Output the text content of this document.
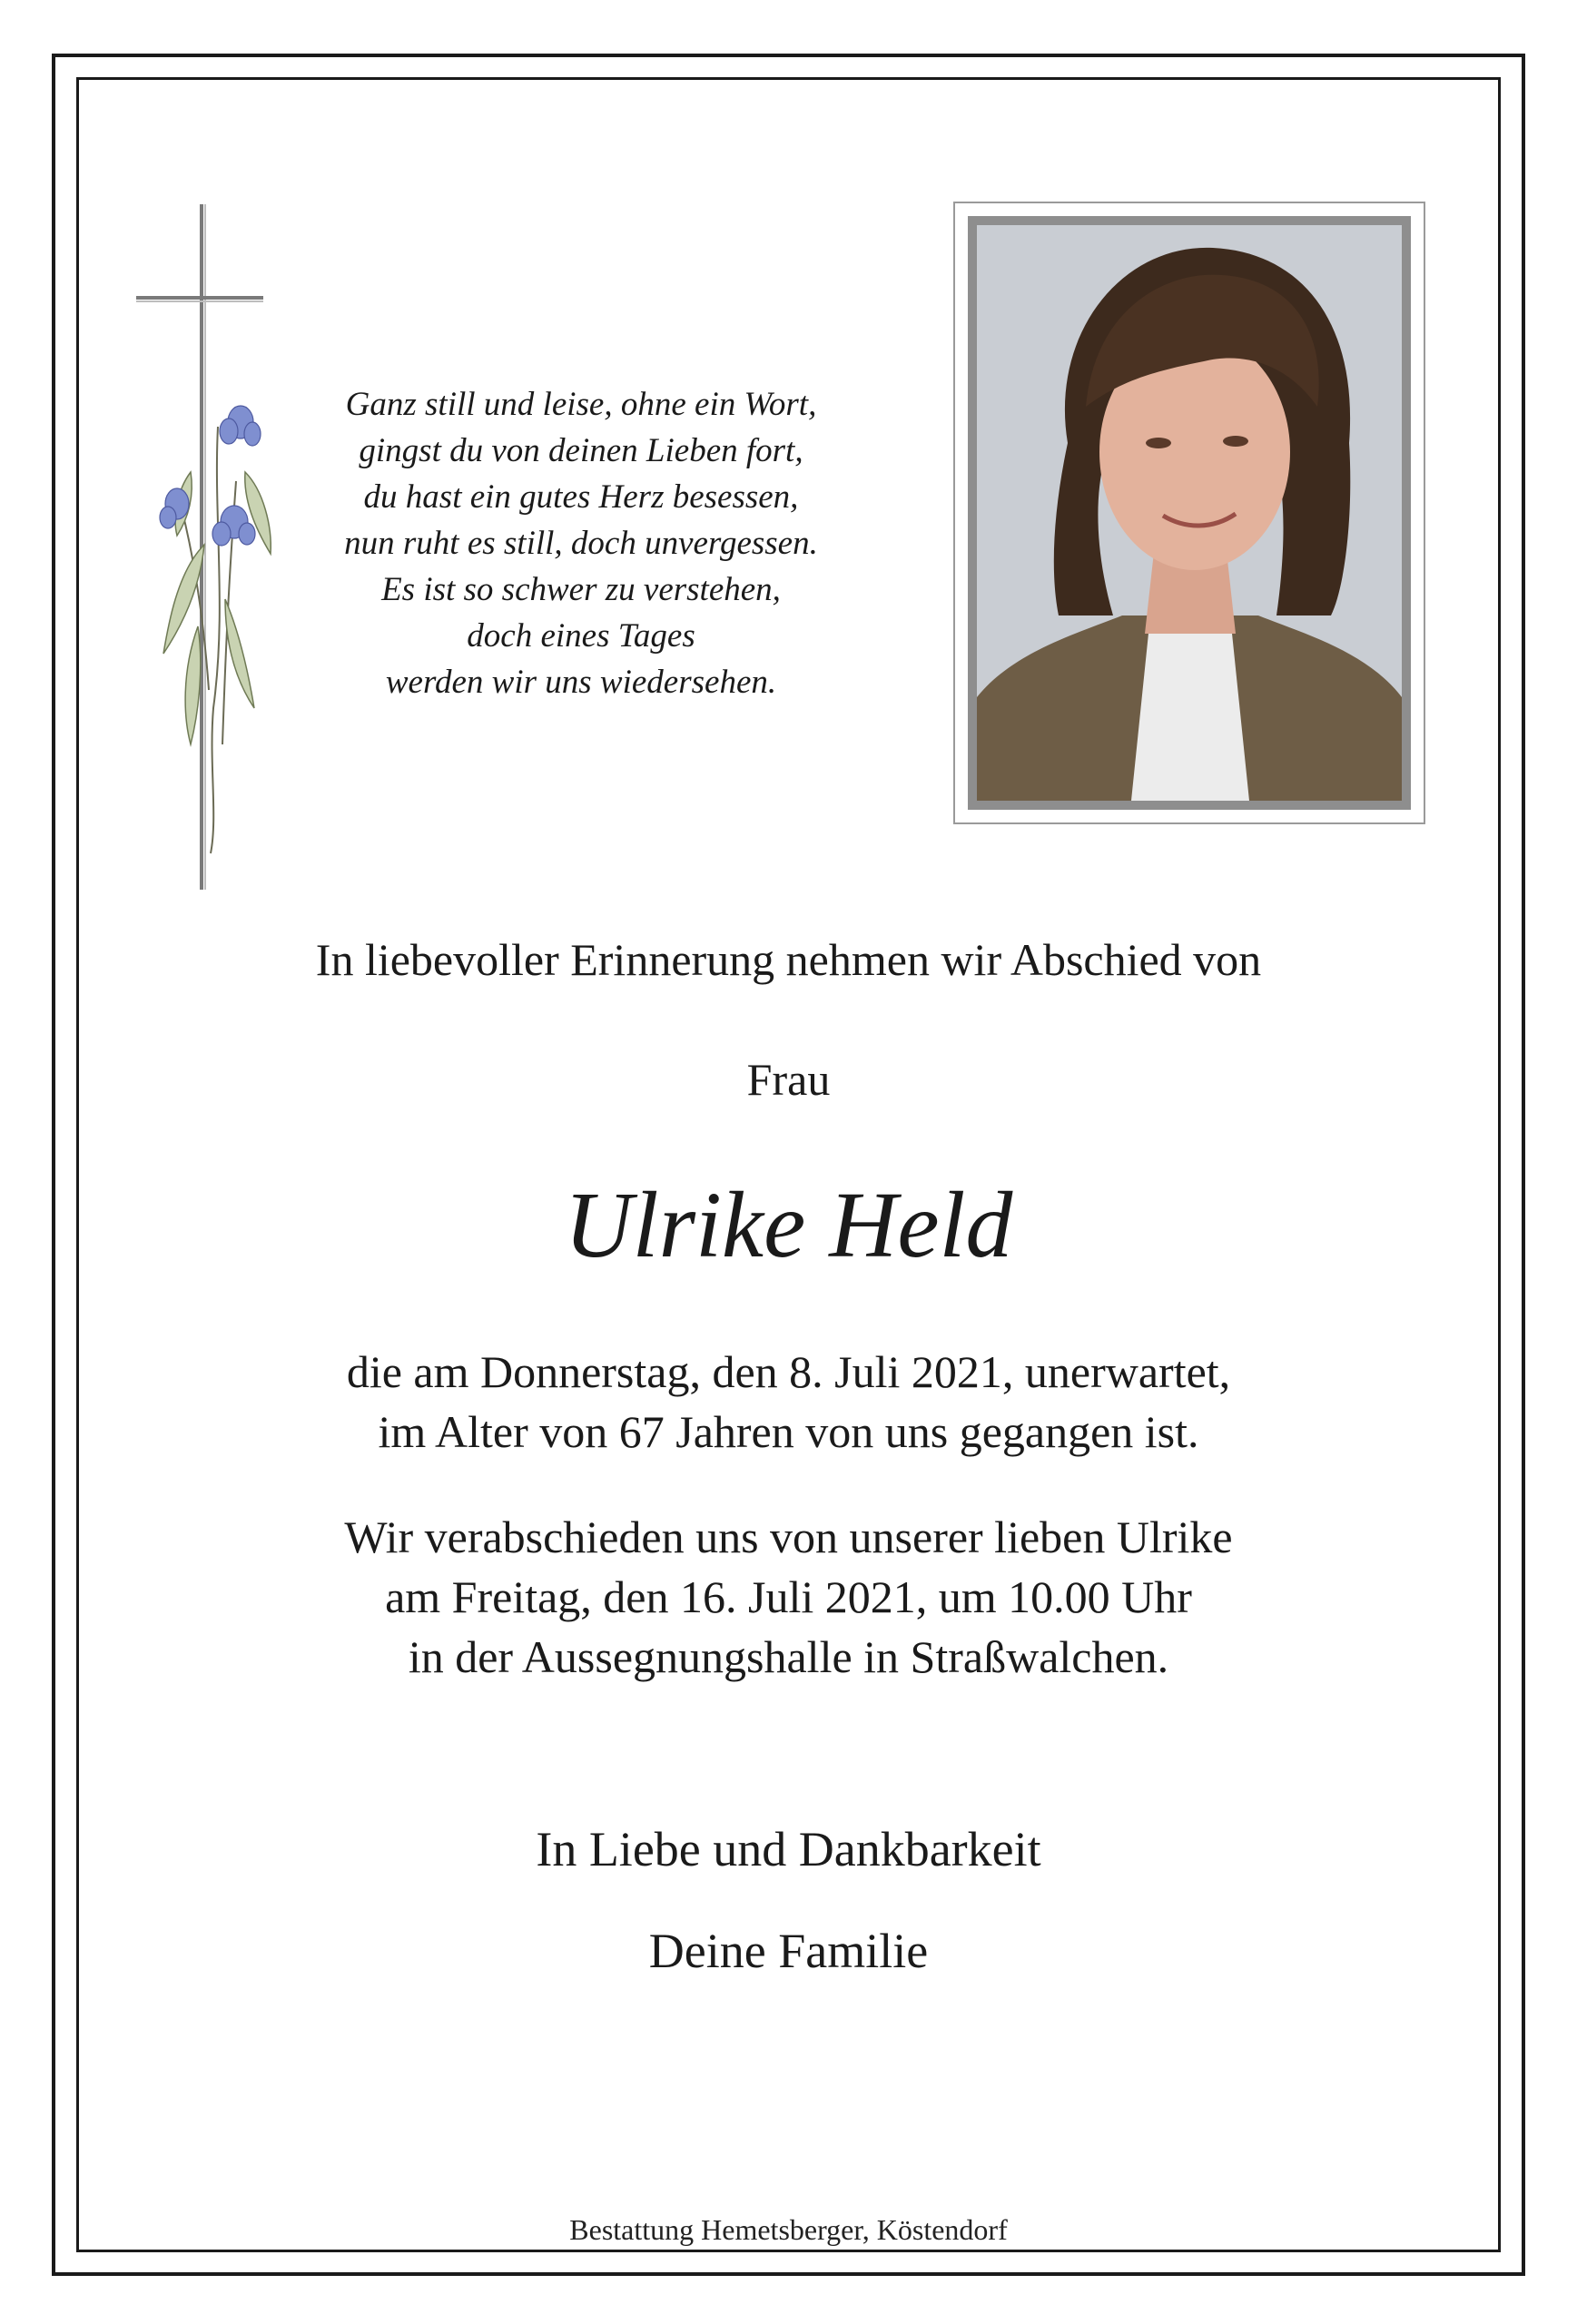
Ganz still und leise, ohne ein Wort,
gingst du von deinen Lieben fort,
du hast ein gutes Herz besessen,
nun ruht es still, doch unvergessen.
Es ist so schwer zu verstehen,
doch eines Tages
werden wir uns wiedersehen.
In liebevoller Erinnerung nehmen wir Abschied von
Frau
Ulrike Held
die am Donnerstag, den 8. Juli 2021, unerwartet,
im Alter von 67 Jahren von uns gegangen ist.
Wir verabschieden uns von unserer lieben Ulrike
am Freitag, den 16. Juli 2021, um 10.00 Uhr
in der Aussegnungshalle in Straßwalchen.
In Liebe und Dankbarkeit
Deine Familie
Bestattung Hemetsberger, Köstendorf
